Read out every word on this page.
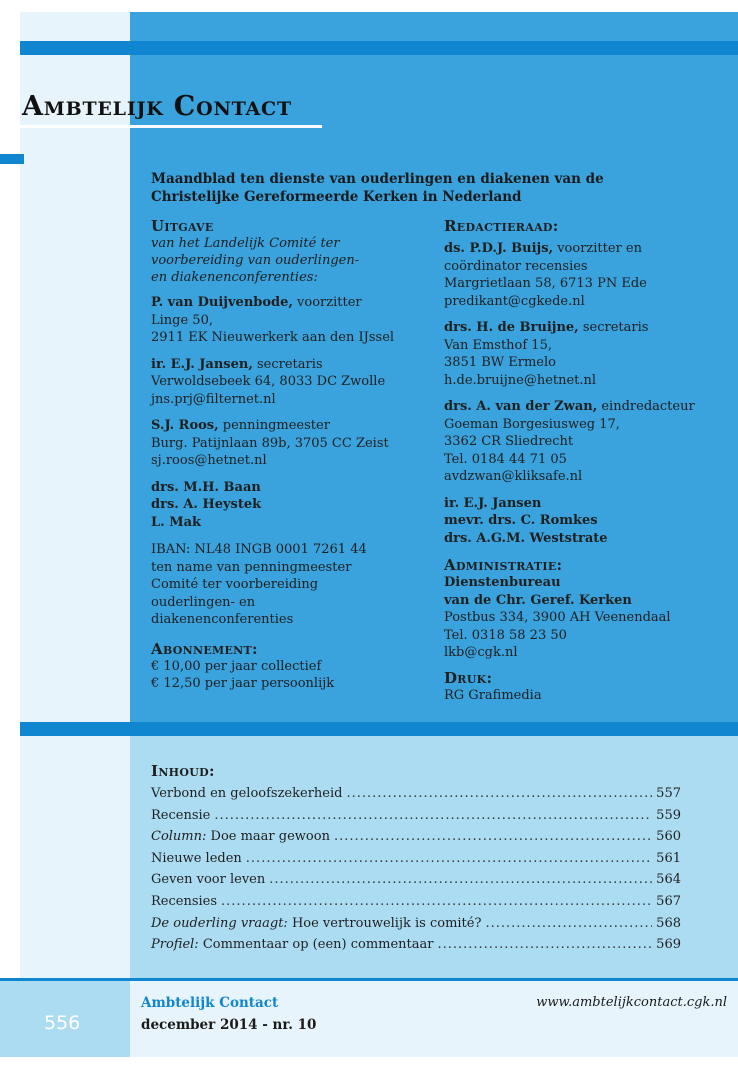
Ambtelijk Contact
Maandblad ten dienste van ouderlingen en diakenen van de
Christelijke Gereformeerde Kerken in Nederland
Uitgave
van het Landelijk Comité ter
voorbereiding van ouderlingen-
en diakenenconferenties:
P. van Duijvenbode, voorzitter
Linge 50,
2911 EK Nieuwerkerk aan den IJssel
ir. E.J. Jansen, secretaris
Verwoldsebeek 64, 8033 DC Zwolle
jns.prj@filternet.nl
S.J. Roos, penningmeester
Burg. Patijnlaan 89b, 3705 CC Zeist
sj.roos@hetnet.nl
drs. M.H. Baan
drs. A. Heystek
L. Mak
IBAN: NL48 INGB 0001 7261 44
ten name van penningmeester
Comité ter voorbereiding
ouderlingen- en
diakenenconferenties
Abonnement:
€ 10,00 per jaar collectief
€ 12,50 per jaar persoonlijk
Redactieraad:
ds. P.D.J. Buijs, voorzitter en
coördinator recensies
Margrietlaan 58, 6713 PN Ede
predikant@cgkede.nl
drs. H. de Bruijne, secretaris
Van Emsthof 15,
3851 BW Ermelo
h.de.bruijne@hetnet.nl
drs. A. van der Zwan, eindredacteur
Goeman Borgesiusweg 17,
3362 CR Sliedrecht
Tel. 0184 44 71 05
avdzwan@kliksafe.nl
ir. E.J. Jansen
mevr. drs. C. Romkes
drs. A.G.M. Weststrate
Administratie:
Dienstenbureau
van de Chr. Geref. Kerken
Postbus 334, 3900 AH Veenendaal
Tel. 0318 58 23 50
lkb@cgk.nl
Druk:
RG Grafimedia
Inhoud:
Verbond en geloofszekerheid .....	557
Recensie .....	559
Column: Doe maar gewoon .....	560
Nieuwe leden .....	561
Geven voor leven .....	564
Recensies .....	567
De ouderling vraagt: Hoe vertrouwelijk is comité? .....	568
Profiel: Commentaar op (een) commentaar .....	569
556
Ambtelijk Contact
december 2014 - nr. 10
www.ambtelijkcontact.cgk.nl
